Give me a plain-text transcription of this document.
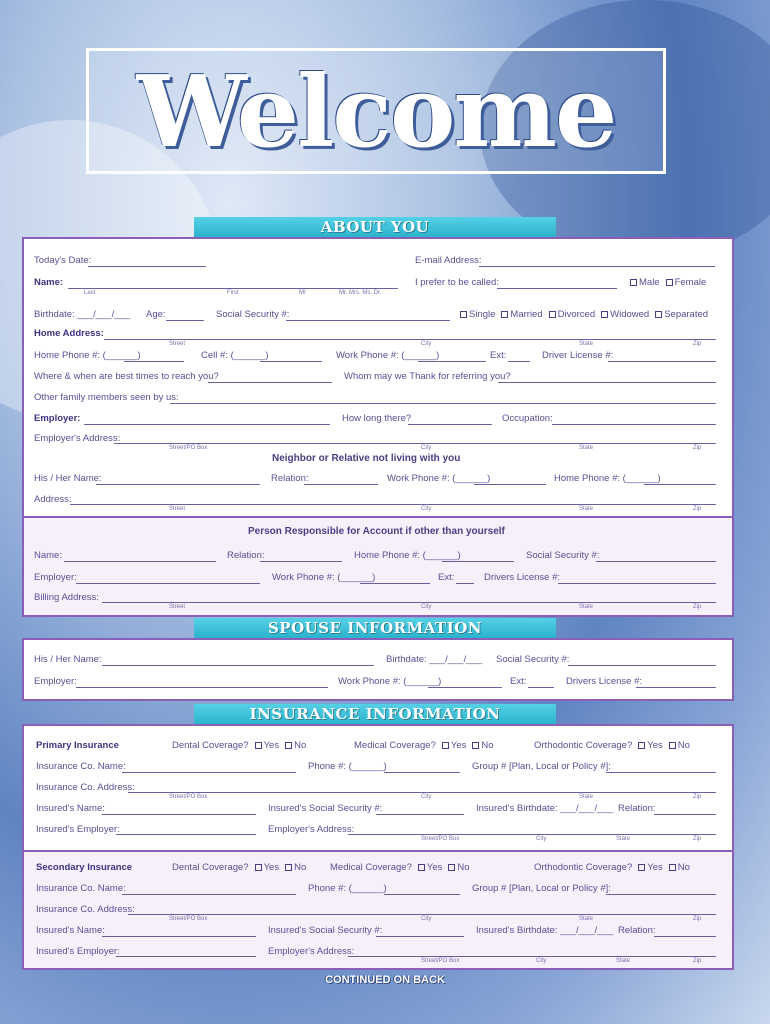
Welcome
ABOUT YOU
Today's Date:	E-mail Address:
Name:
Last	First	MI	Mr. Mrs. Ms. Dr.
I prefer to be called:	Male Female
Birthdate: ___/___/___ Age:	Social Security #:	Single Married Divorced Widowed Separated
Home Address:
Street	City	State	Zip
Home Phone #: (______)	Cell #: (______)	Work Phone #: (______)	Ext:	Driver License #:
Where & when are best times to reach you?	Whom may we Thank for referring you?
Other family members seen by us:
Employer:	How long there?	Occupation:
Employer's Address:
Street/PO Box	City	State	Zip
Neighbor or Relative not living with you
His / Her Name:	Relation:	Work Phone #: (______)	Home Phone #: (______)
Address:
Street	City	State	Zip
Person Responsible for Account if other than yourself
Name:	Relation:	Home Phone #: (______)	Social Security #:
Employer:	Work Phone #: (______)	Ext:	Drivers License #:
Billing Address:
Street	City	State	Zip
SPOUSE INFORMATION
His / Her Name:	Birthdate: ___/___/___ Social Security #:
Employer:	Work Phone #: (______)	Ext:	Drivers License #:
INSURANCE INFORMATION
Primary Insurance	Dental Coverage? Yes No	Medical Coverage? Yes No	Orthodontic Coverage? Yes No
Insurance Co. Name:	Phone #: (______)	Group # [Plan, Local or Policy #]:
Insurance Co. Address:
Street/PO Box	City	State	Zip
Insured's Name:	Insured's Social Security #:	Insured's Birthdate: ___/___/___ Relation:
Insured's Employer:	Employer's Address:
Street/PO Box	City	State	Zip
Secondary Insurance	Dental Coverage? Yes No	Medical Coverage? Yes No	Orthodontic Coverage? Yes No
Insurance Co. Name:	Phone #: (______)	Group # [Plan, Local or Policy #]:
Insurance Co. Address:
Street/PO Box	City	State	Zip
Insured's Name:	Insured's Social Security #:	Insured's Birthdate: ___/___/___ Relation:
Insured's Employer:	Employer's Address:
Street/PO Box	City	State	Zip
CONTINUED ON BACK
